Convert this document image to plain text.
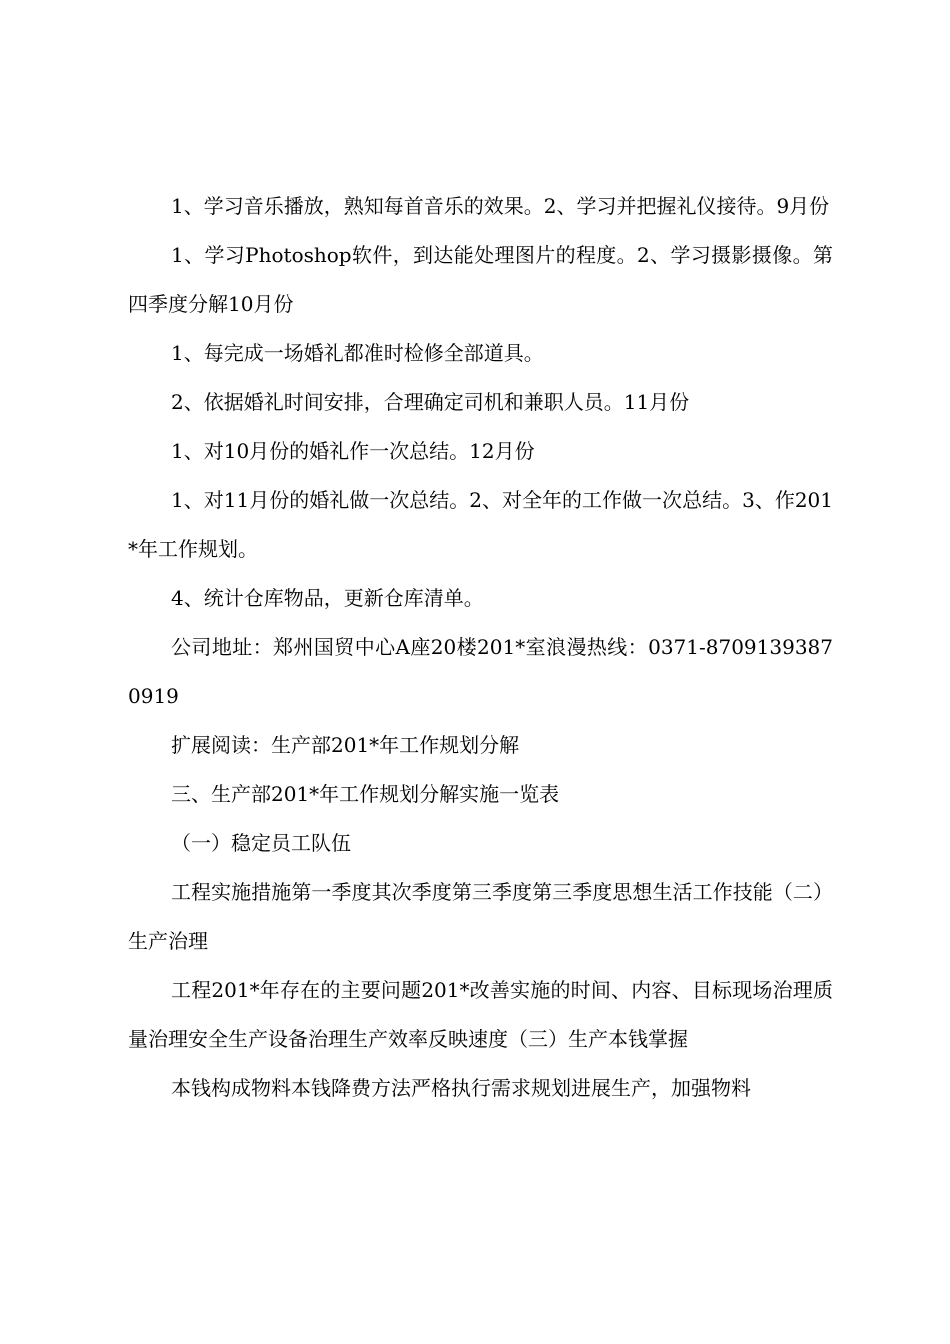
1、学习音乐播放，熟知每首音乐的效果。2、学习并把握礼仪接待。9月份

1、学习Photoshop软件，到达能处理图片的程度。2、学习摄影摄像。第四季度分解10月份

1、每完成一场婚礼都准时检修全部道具。

2、依据婚礼时间安排，合理确定司机和兼职人员。11月份

1、对10月份的婚礼作一次总结。12月份

1、对11月份的婚礼做一次总结。2、对全年的工作做一次总结。3、作201*年工作规划。

4、统计仓库物品，更新仓库清单。

公司地址：郑州国贸中心A座20楼201*室浪漫热线：0371-87091393870919

扩展阅读：生产部201*年工作规划分解

三、生产部201*年工作规划分解实施一览表

（一）稳定员工队伍

工程实施措施第一季度其次季度第三季度第三季度思想生活工作技能（二）生产治理

工程201*年存在的主要问题201*改善实施的时间、内容、目标现场治理质量治理安全生产设备治理生产效率反映速度（三）生产本钱掌握

本钱构成物料本钱降费方法严格执行需求规划进展生产，加强物料
